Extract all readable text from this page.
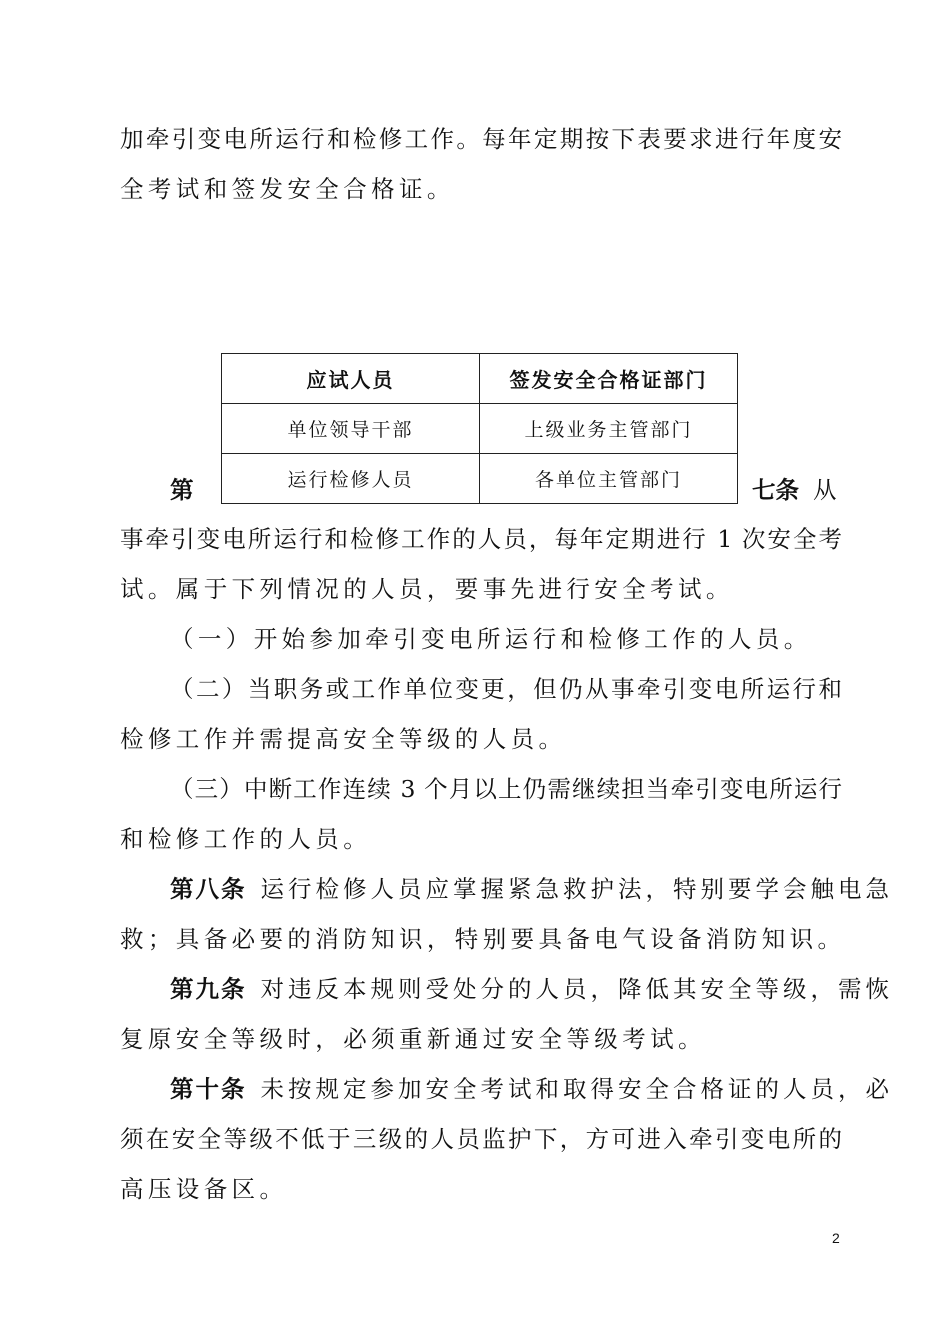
加牵引变电所运行和检修工作。每年定期按下表要求进行年度安
全考试和签发安全合格证。
应试人员	签发安全合格证部门
单位领导干部	上级业务主管部门
运行检修人员	各单位主管部门
第	七条 从
事牵引变电所运行和检修工作的人员，每年定期进行 1 次安全考
试。属于下列情况的人员，要事先进行安全考试。
（一）开始参加牵引变电所运行和检修工作的人员。
（二）当职务或工作单位变更，但仍从事牵引变电所运行和
检修工作并需提高安全等级的人员。
（三）中断工作连续 3 个月以上仍需继续担当牵引变电所运行
和检修工作的人员。
第八条 运行检修人员应掌握紧急救护法，特别要学会触电急
救；具备必要的消防知识，特别要具备电气设备消防知识。
第九条 对违反本规则受处分的人员，降低其安全等级，需恢
复原安全等级时，必须重新通过安全等级考试。
第十条 未按规定参加安全考试和取得安全合格证的人员，必
须在安全等级不低于三级的人员监护下，方可进入牵引变电所的
高压设备区。
2
